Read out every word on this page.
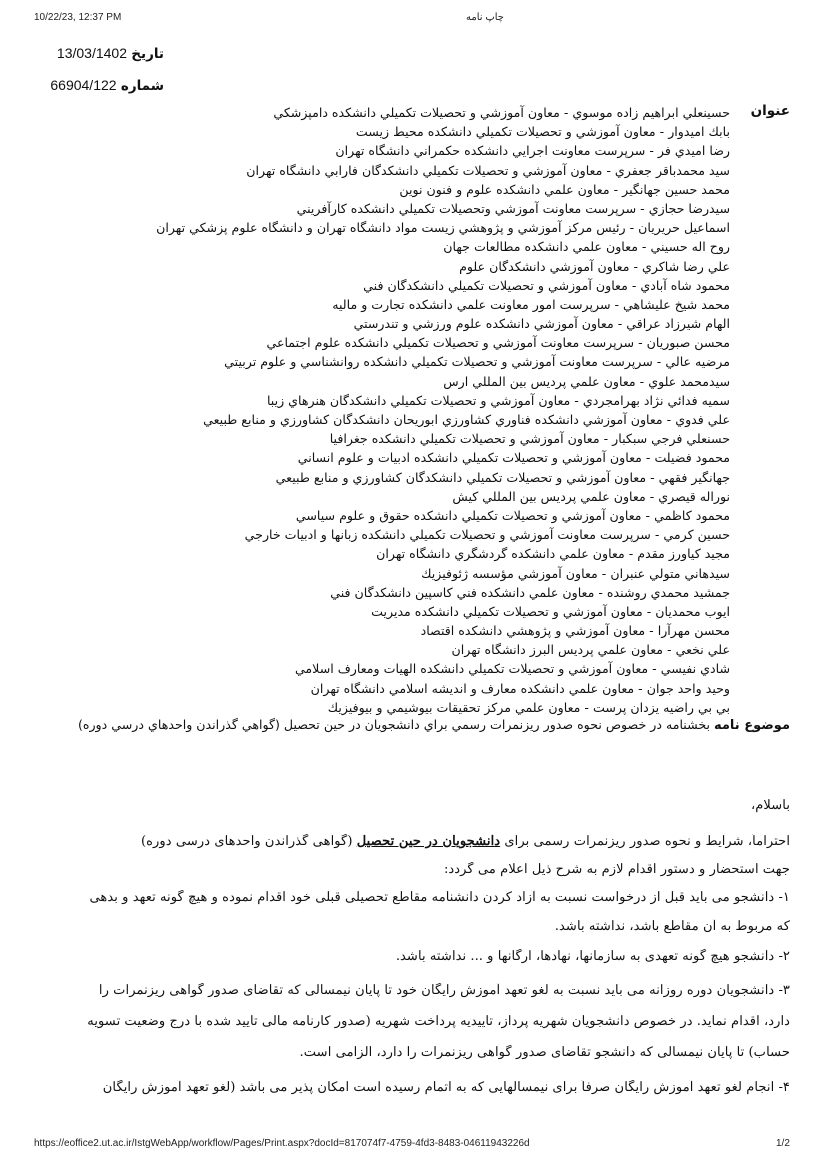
10/22/23, 12:37 PM	چاپ نامه
تاريخ 13/03/1402
شماره 66904/122
عنوان
حسينعلي ابراهيم زاده موسوي - معاون آموزشي و تحصيلات تكميلي دانشكده دامپزشكي
بابك اميدوار - معاون آموزشي و تحصيلات تكميلي دانشكده محيط زيست
رضا اميدي فر - سرپرست معاونت اجرايي دانشكده حكمراني دانشگاه تهران
سيد محمدباقر جعفري - معاون آموزشي و تحصيلات تكميلي دانشكدگان فارابي دانشگاه تهران
محمد حسين جهانگير - معاون علمي دانشكده علوم و فنون نوين
سيدرضا حجازي - سرپرست معاونت آموزشي وتحصيلات تكميلي دانشكده كارآفريني
اسماعيل حريريان - رئيس مركز آموزشي و پژوهشي زيست مواد دانشگاه تهران و دانشگاه علوم پزشكي تهران
روح اله حسيني - معاون علمي دانشكده مطالعات جهان
علي رضا شاكري - معاون آموزشي دانشكدگان علوم
محمود شاه آبادي - معاون آموزشي و تحصيلات تكميلي دانشكدگان فني
محمد شيخ عليشاهي - سرپرست امور معاونت علمي دانشكده تجارت و ماليه
الهام شيرزاد عراقي - معاون آموزشي دانشكده علوم ورزشي و تندرستي
محسن صبوريان - سرپرست معاونت آموزشي و تحصيلات تكميلي دانشكده علوم اجتماعي
مرضيه عالي - سرپرست معاونت آموزشي و تحصيلات تكميلي دانشكده روانشناسي و علوم تربيتي
سيدمحمد علوي - معاون علمي پرديس بين المللي ارس
سميه فدائي نژاد بهرامجردي - معاون آموزشي و تحصيلات تكميلي دانشكدگان هنرهاي زيبا
علي فدوي - معاون آموزشي دانشكده فناوري كشاورزي ابوريحان دانشكدگان كشاورزي و منابع طبيعي
حسنعلي فرجي سبكبار - معاون آموزشي و تحصيلات تكميلي دانشكده جغرافيا
محمود فضيلت - معاون آموزشي و تحصيلات تكميلي دانشكده ادبيات و علوم انساني
جهانگير فقهي - معاون آموزشي و تحصيلات تكميلي دانشكدگان كشاورزي و منابع طبيعي
نوراله قيصري - معاون علمي پرديس بين المللي كيش
محمود كاظمي - معاون آموزشي و تحصيلات تكميلي دانشكده حقوق و علوم سياسي
حسين كرمي - سرپرست معاونت آموزشي و تحصيلات تكميلي دانشكده زبانها و ادبيات خارجي
مجيد كياورز مقدم - معاون علمي دانشكده گردشگري دانشگاه تهران
سيدهاني متولي عنبران - معاون آموزشي مؤسسه ژئوفيزيك
جمشيد محمدي روشنده - معاون علمي دانشكده فني كاسپين دانشكدگان فني
ايوب محمديان - معاون آموزشي و تحصيلات تكميلي دانشكده مديريت
محسن مهرآرا - معاون آموزشي و پژوهشي دانشكده اقتصاد
علي نخعي - معاون علمي پرديس البرز دانشگاه تهران
شادي نفيسي - معاون آموزشي و تحصيلات تكميلي دانشكده الهيات ومعارف اسلامي
وحيد واحد جوان - معاون علمي دانشكده معارف و انديشه اسلامي دانشگاه تهران
بي بي راضيه يزدان پرست - معاون علمي مركز تحقيقات بيوشيمي و بيوفيزيك
موضوع نامه بخشنامه در خصوص نحوه صدور ريزنمرات رسمي براي دانشجويان در حين تحصيل (گواهي گذراندن واحدهاي درسي دوره)
باسلام،
احتراماً، شرایط و نحوه صدور ریزنمرات رسمی برای دانشجویان در حین تحصیل (گواهی گذراندن واحدهای درسی دوره)
جهت استحضار و دستور اقدام لازم به شرح ذیل اعلام می گردد:
۱- دانشجو می باید قبل از درخواست نسبت به آزاد کردن دانشنامه مقاطع تحصیلی قبلی خود اقدام نموده و هیچ گونه تعهد و بدهی
که مربوط به آن مقاطع باشد، نداشته باشد.
۲- دانشجو هیچ گونه تعهدی به سازمانها، نهادها، ارگانها و ... نداشته باشد.
۳- دانشجویان دوره روزانه می باید نسبت به لغو تعهد آموزش رایگان خود تا پایان نیمسالی که تقاضای صدور گواهی ریزنمرات را
دارد، اقدام نماید. در خصوص دانشجویان شهریه پرداز، تأییدیه پرداخت شهریه (صدور کارنامه مالی تأیید شده با درج وضعیت تسویه
حساب) تا پایان نیمسالی که دانشجو تقاضای صدور گواهی ریزنمرات را دارد، الزامی است.
۴- انجام لغو تعهد آموزش رایگان صرفاً برای نیمسالهایی که به اتمام رسیده است امکان پذیر می باشد (لغو تعهد آموزش رایگان
https://eoffice2.ut.ac.ir/IstgWebApp/workflow/Pages/Print.aspx?docId=817074f7-4759-4fd3-8483-04611943226d	1/2
